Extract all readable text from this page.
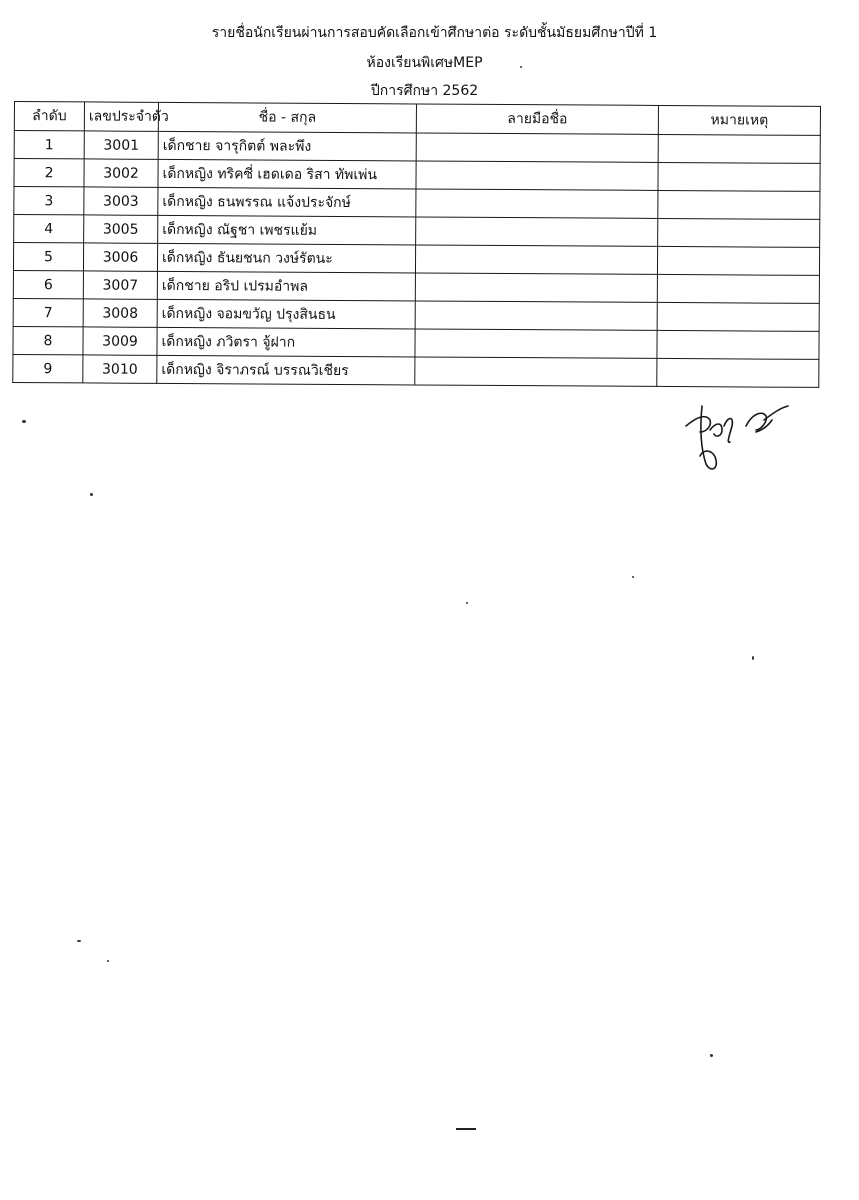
รายชื่อนักเรียนผ่านการสอบคัดเลือกเข้าศึกษาต่อ ระดับชั้นมัธยมศึกษาปีที่ 1
ห้องเรียนพิเศษMEP
ปีการศึกษา 2562
ลำดับ	เลขประจำตัว	ชื่อ - สกุล	ลายมือชื่อ	หมายเหตุ
1	3001	เด็กชาย จารุกิตต์ พละพึง		
2	3002	เด็กหญิง ทริคซี่ เฮดเดอ ริสา ทัพเพ่น		
3	3003	เด็กหญิง ธนพรรณ แจ้งประจักษ์		
4	3005	เด็กหญิง ณัฐชา เพชรแย้ม		
5	3006	เด็กหญิง ธันยชนก วงษ์รัตนะ		
6	3007	เด็กชาย อริป เปรมอำพล		
7	3008	เด็กหญิง จอมขวัญ ปรุงสินธน		
8	3009	เด็กหญิง ภวิตรา จู้ฝาก		
9	3010	เด็กหญิง จิราภรณ์ บรรณวิเชียร		
